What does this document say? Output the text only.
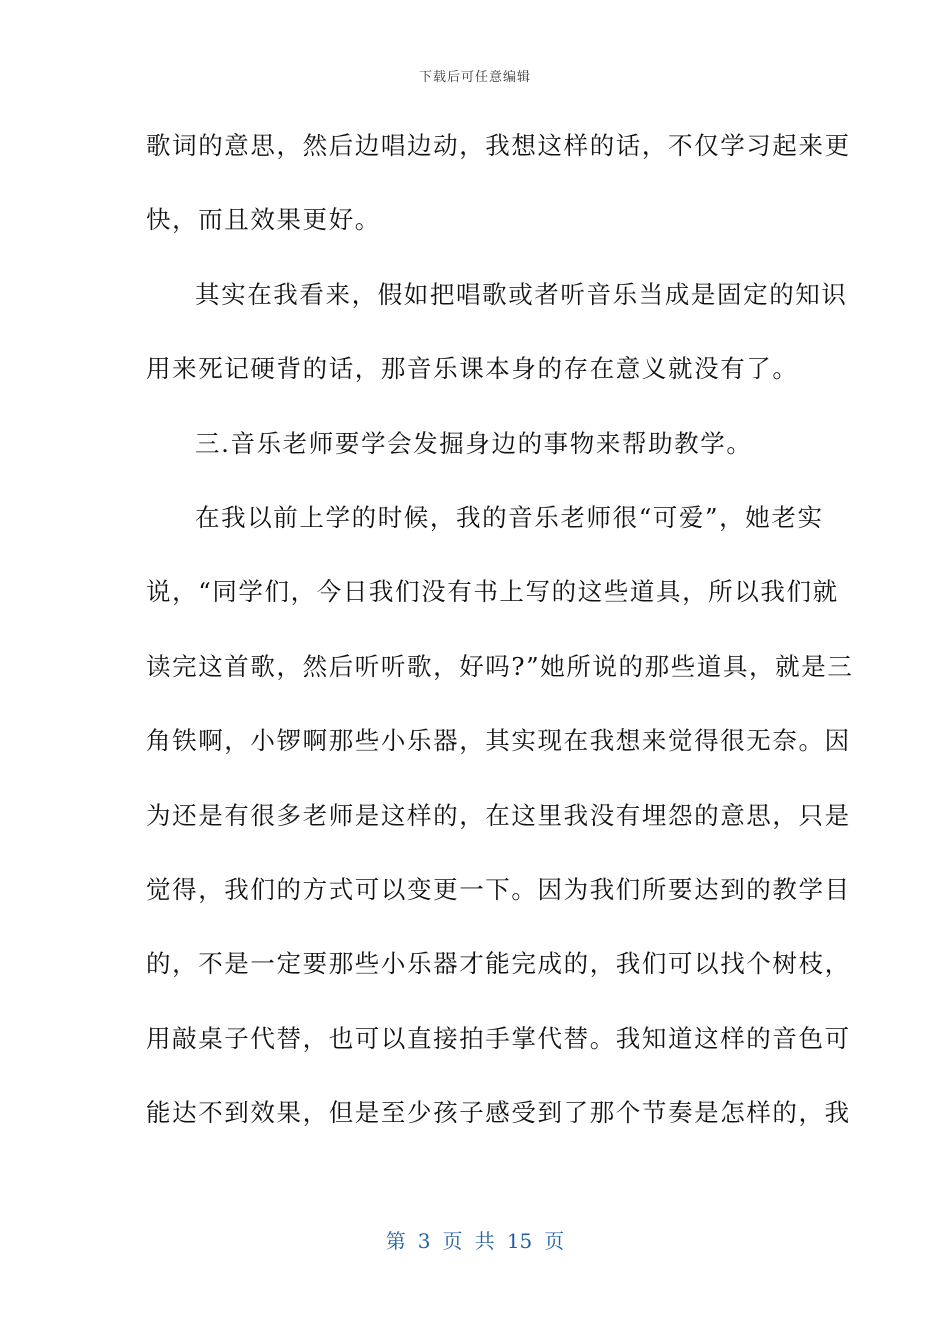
下载后可任意编辑
歌词的意思，然后边唱边动，我想这样的话，不仅学习起来更
快，而且效果更好。
其实在我看来，假如把唱歌或者听音乐当成是固定的知识
用来死记硬背的话，那音乐课本身的存在意义就没有了。
三.音乐老师要学会发掘身边的事物来帮助教学。
在我以前上学的时候，我的音乐老师很“可爱”，她老实
说，“同学们，今日我们没有书上写的这些道具，所以我们就
读完这首歌，然后听听歌，好吗?”她所说的那些道具，就是三
角铁啊，小锣啊那些小乐器，其实现在我想来觉得很无奈。因
为还是有很多老师是这样的，在这里我没有埋怨的意思，只是
觉得，我们的方式可以变更一下。因为我们所要达到的教学目
的，不是一定要那些小乐器才能完成的，我们可以找个树枝，
用敲桌子代替，也可以直接拍手掌代替。我知道这样的音色可
能达不到效果，但是至少孩子感受到了那个节奏是怎样的，我
第 3 页 共 15 页
